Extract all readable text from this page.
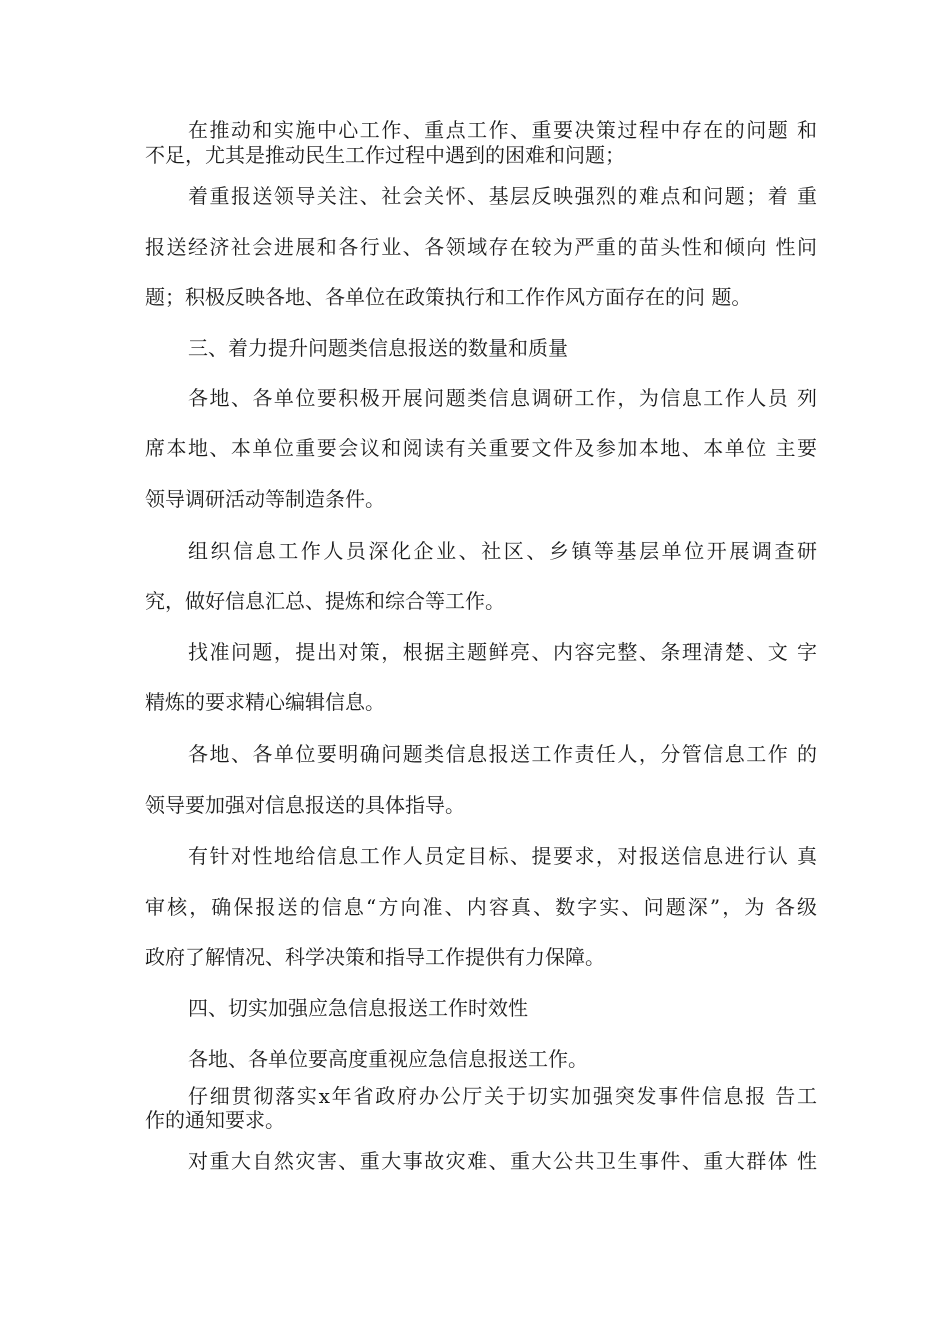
在推动和实施中心工作、重点工作、重要决策过程中存在的问题 和
不足，尤其是推动民生工作过程中遇到的困难和问题；
着重报送领导关注、社会关怀、基层反映强烈的难点和问题；着 重
报送经济社会进展和各行业、各领域存在较为严重的苗头性和倾向 性问
题；积极反映各地、各单位在政策执行和工作作风方面存在的问 题。
三、着力提升问题类信息报送的数量和质量
各地、各单位要积极开展问题类信息调研工作，为信息工作人员 列
席本地、本单位重要会议和阅读有关重要文件及参加本地、本单位 主要
领导调研活动等制造条件。
组织信息工作人员深化企业、社区、乡镇等基层单位开展调查研
究，做好信息汇总、提炼和综合等工作。
找准问题，提出对策，根据主题鲜亮、内容完整、条理清楚、文 字
精炼的要求精心编辑信息。
各地、各单位要明确问题类信息报送工作责任人，分管信息工作 的
领导要加强对信息报送的具体指导。
有针对性地给信息工作人员定目标、提要求，对报送信息进行认 真
审核，确保报送的信息“方向准、内容真、数字实、问题深”，为 各级
政府了解情况、科学决策和指导工作提供有力保障。
四、切实加强应急信息报送工作时效性
各地、各单位要高度重视应急信息报送工作。
仔细贯彻落实x年省政府办公厅关于切实加强突发事件信息报 告工
作的通知要求。
对重大自然灾害、重大事故灾难、重大公共卫生事件、重大群体 性
